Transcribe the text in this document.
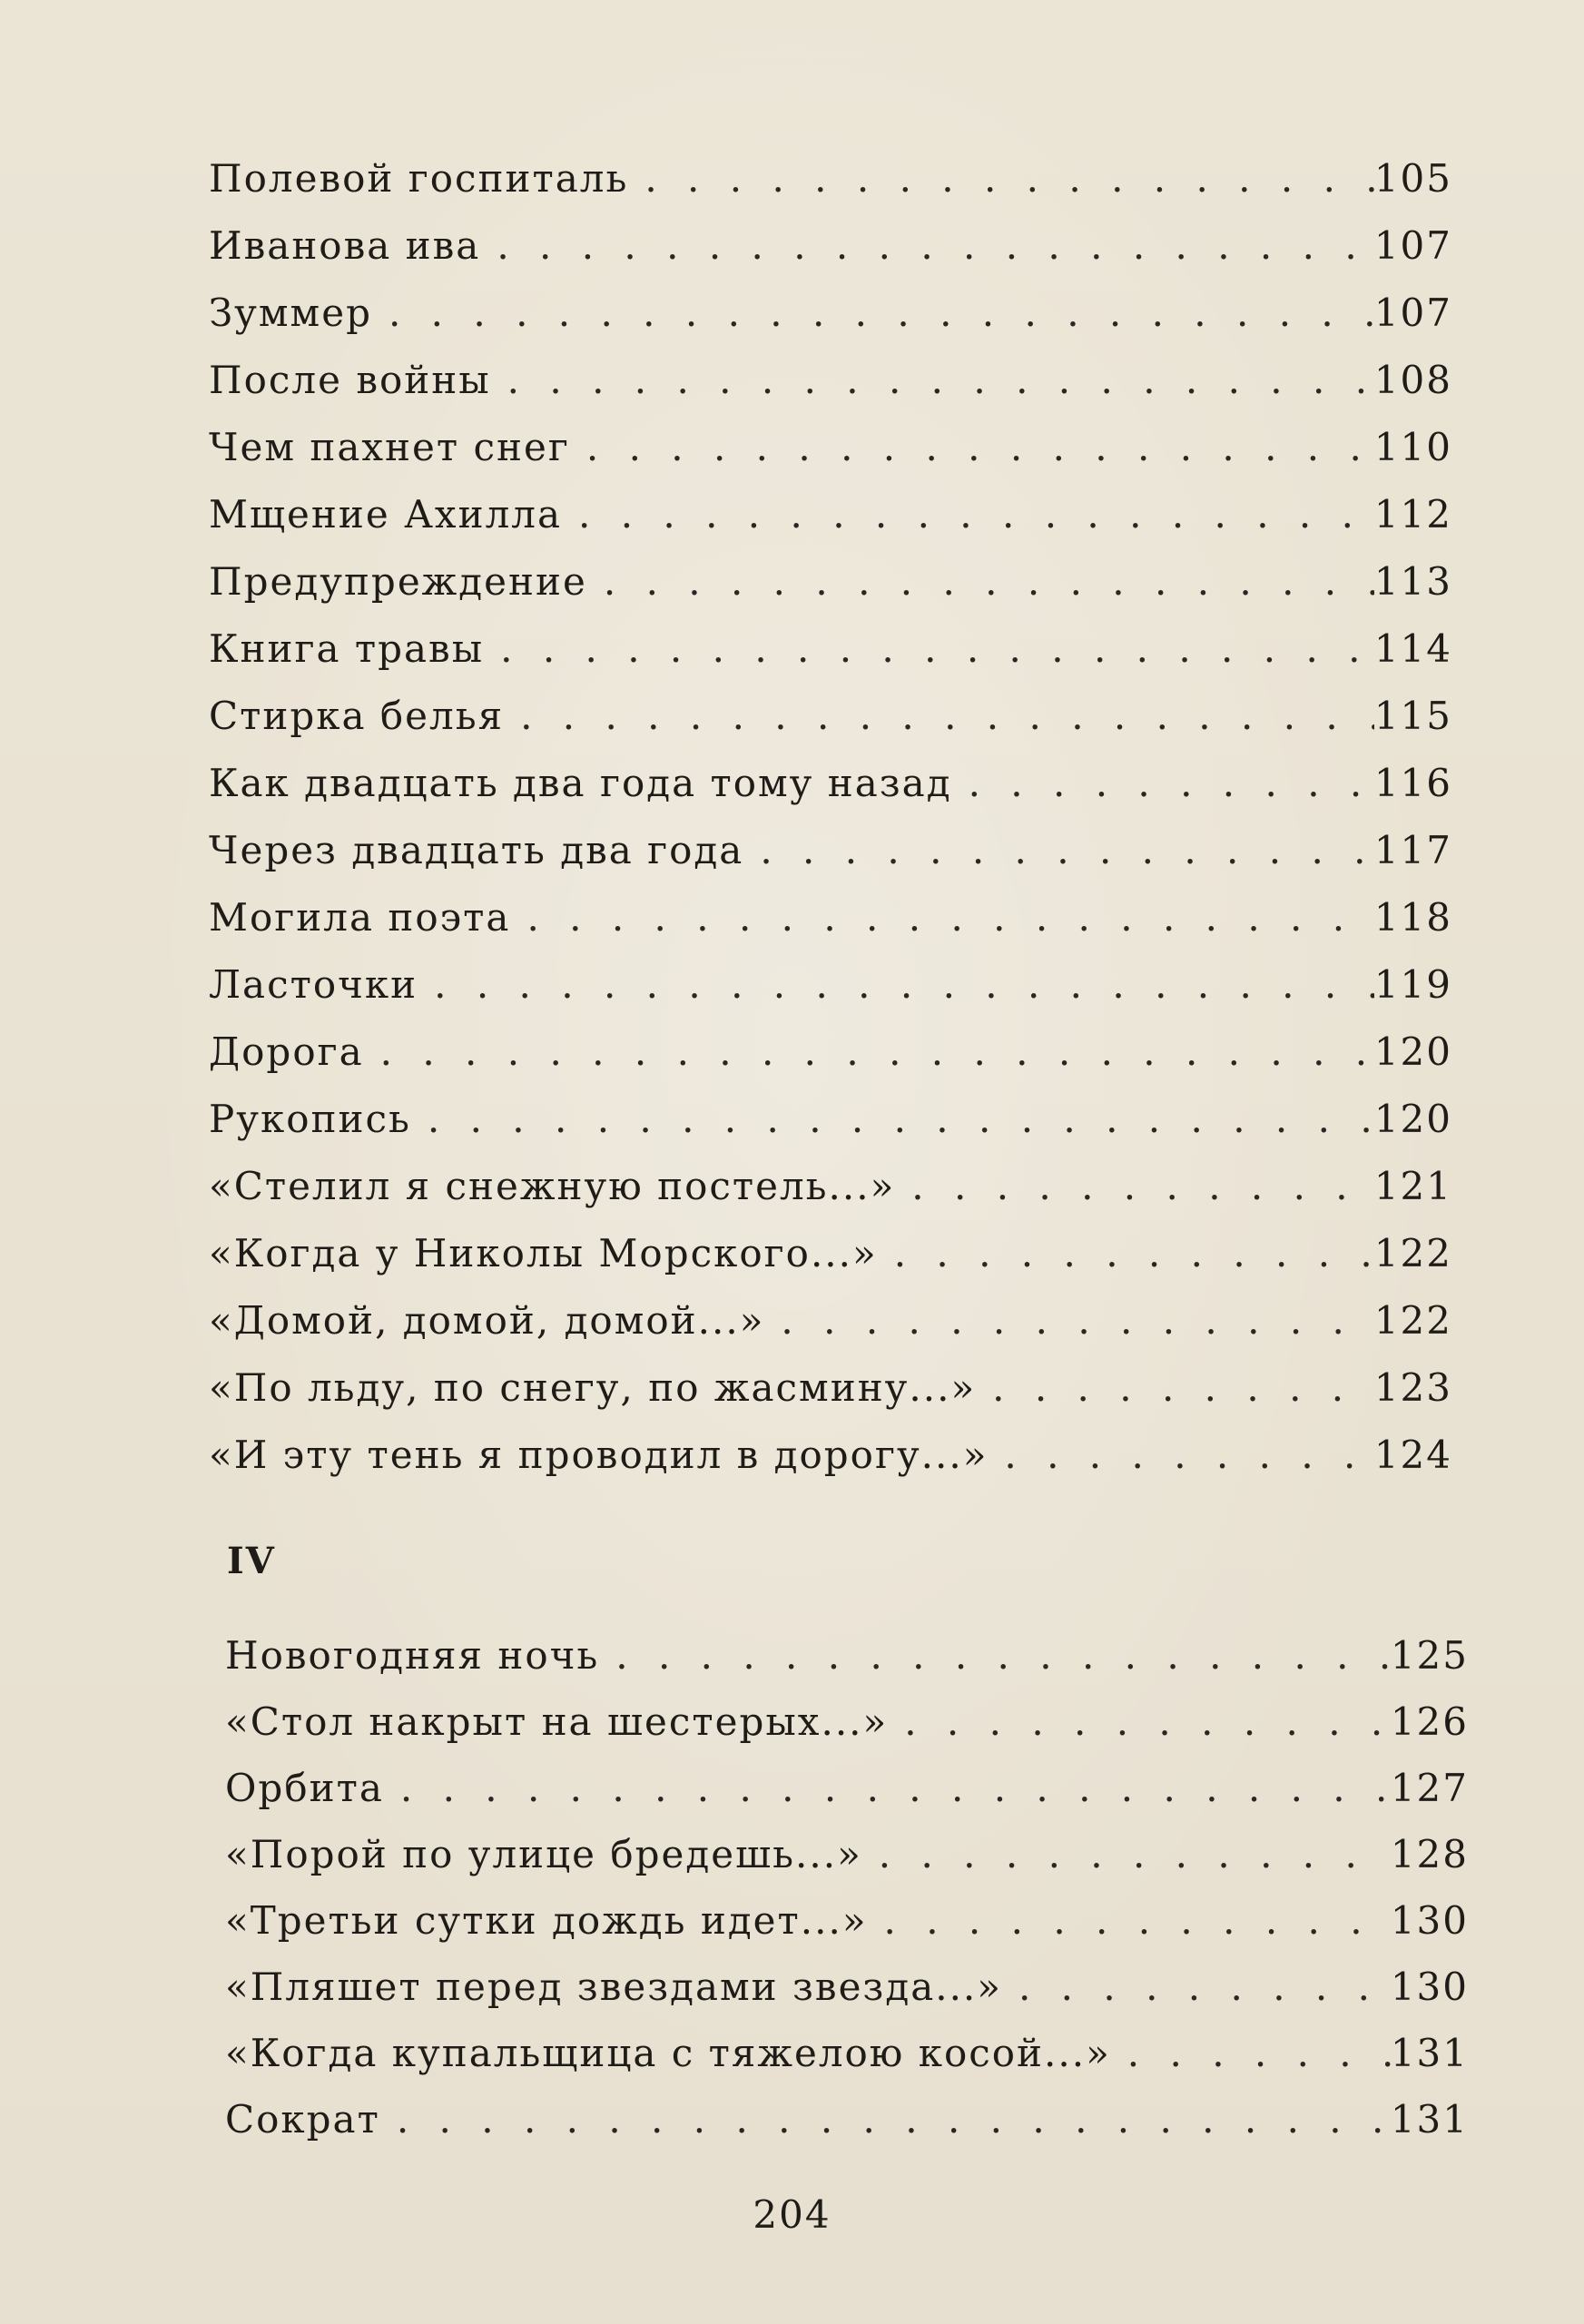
Полевой госпиталь . . .	105
Иванова ива . . .	107
Зуммер . . .	107
После войны . . .	108
Чем пахнет снег . . .	110
Мщение Ахилла . . .	112
Предупреждение . . .	113
Книга травы . . .	114
Стирка белья . . .	115
Как двадцать два года тому назад . . .	116
Через двадцать два года . . .	117
Могила поэта . . .	118
Ласточки . . .	119
Дорога . . .	120
Рукопись . . .	120
«Стелил я снежную постель...» . . .	121
«Когда у Николы Морского...» . . .	122
«Домой, домой, домой...» . . .	122
«По льду, по снегу, по жасмину...» . . .	123
«И эту тень я проводил в дорогу...» . . .	124
IV
Новогодняя ночь . . .	125
«Стол накрыт на шестерых...» . . .	126
Орбита . . .	127
«Порой по улице бредешь...» . . .	128
«Третьи сутки дождь идет...» . . .	130
«Пляшет перед звездами звезда...» . . .	130
«Когда купальщица с тяжелою косой...» . . .	131
Сократ . . .	131
204
